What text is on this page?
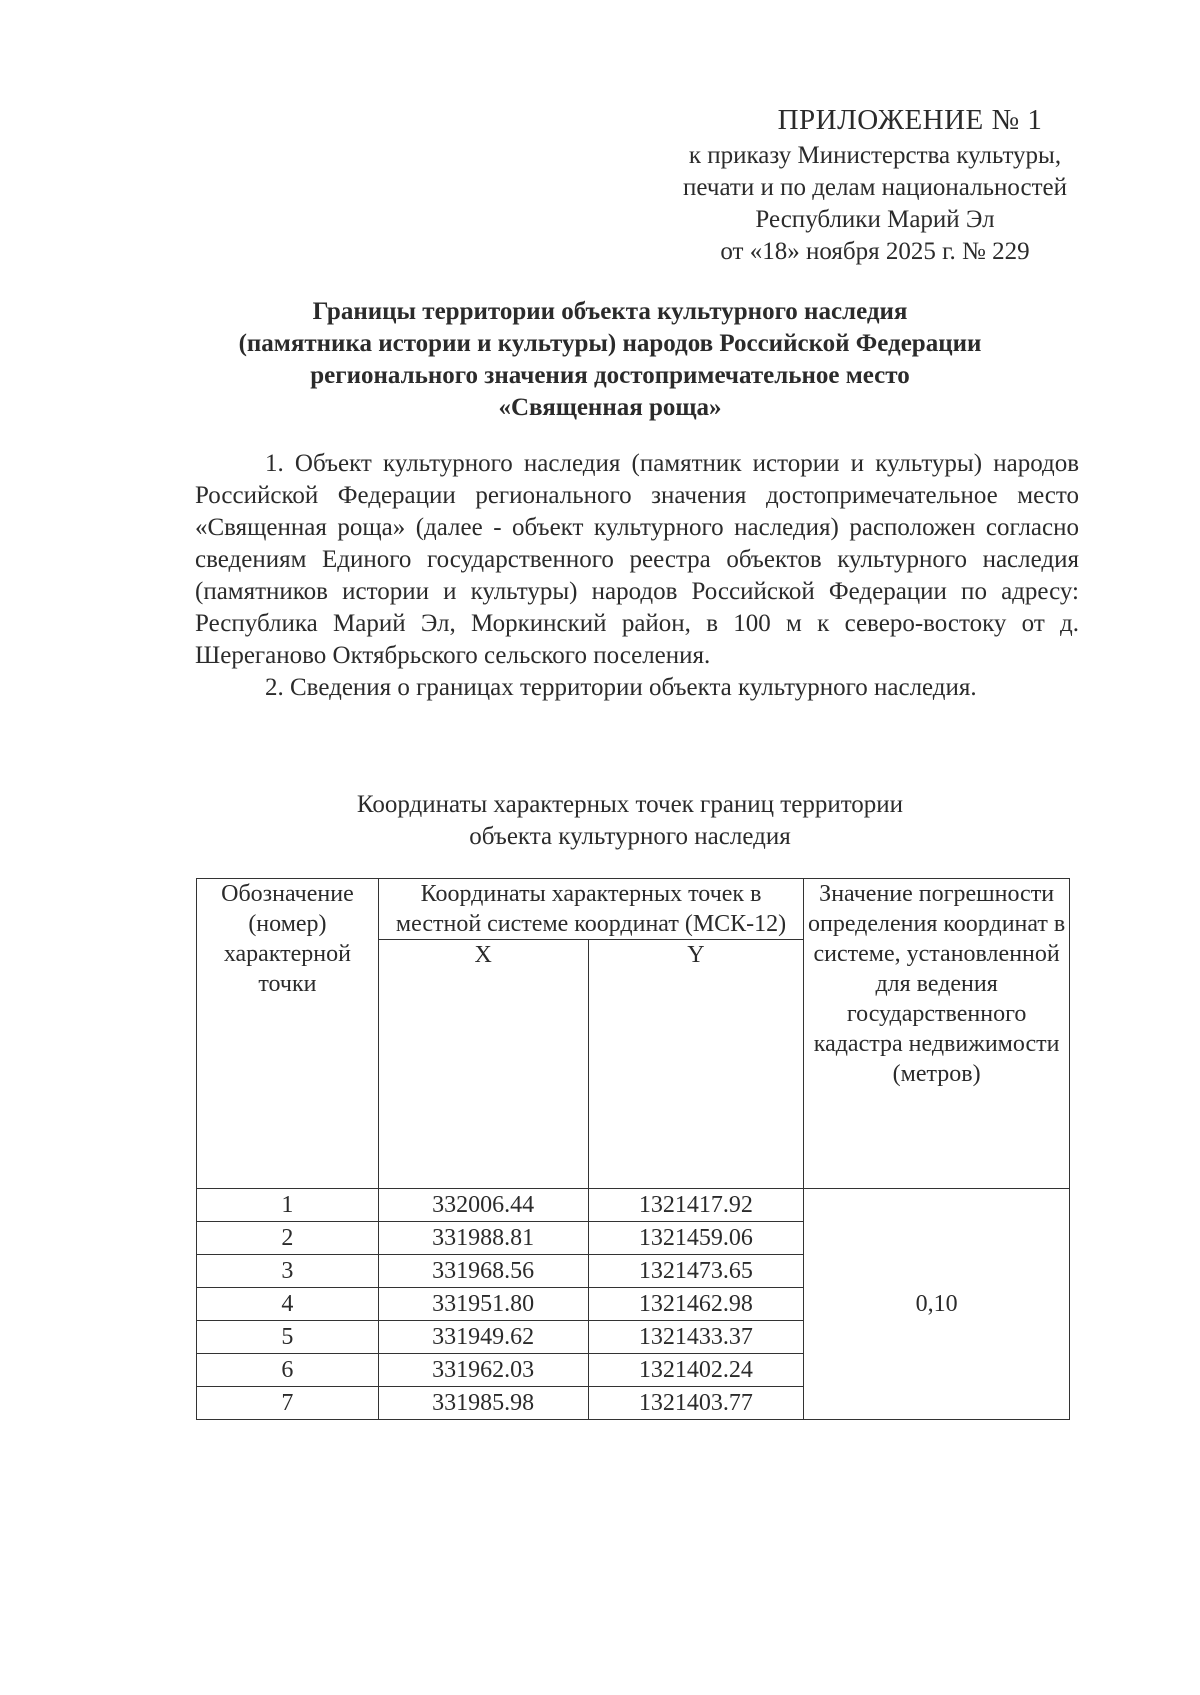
ПРИЛОЖЕНИЕ № 1
к приказу Министерства культуры,
печати и по делам национальностей
Республики Марий Эл
от «18» ноября 2025 г. № 229
Границы территории объекта культурного наследия
(памятника истории и культуры) народов Российской Федерации
регионального значения достопримечательное место
«Священная роща»

1. Объект культурного наследия (памятник истории и культуры) народов Российской Федерации регионального значения достопримечательное место «Священная роща» (далее - объект культурного наследия) расположен согласно сведениям Единого государственного реестра объектов культурного наследия (памятников истории и культуры) народов Российской Федерации по адресу: Республика Марий Эл, Моркинский район, в 100 м к северо-востоку от д. Шереганово Октябрьского сельского поселения.

2. Сведения о границах территории объекта культурного наследия.

Координаты характерных точек границ территории
объекта культурного наследия
Обозначение (номер) характерной точки	Координаты характерных точек в местной системе координат (МСК-12)		Значение погрешности определения координат в системе, установленной для ведения государственного кадастра недвижимости (метров)
	X	Y	
1	332006.44	1321417.92	0,10
2	331988.81	1321459.06	
3	331968.56	1321473.65	
4	331951.80	1321462.98	
5	331949.62	1321433.37	
6	331962.03	1321402.24	
7	331985.98	1321403.77	
